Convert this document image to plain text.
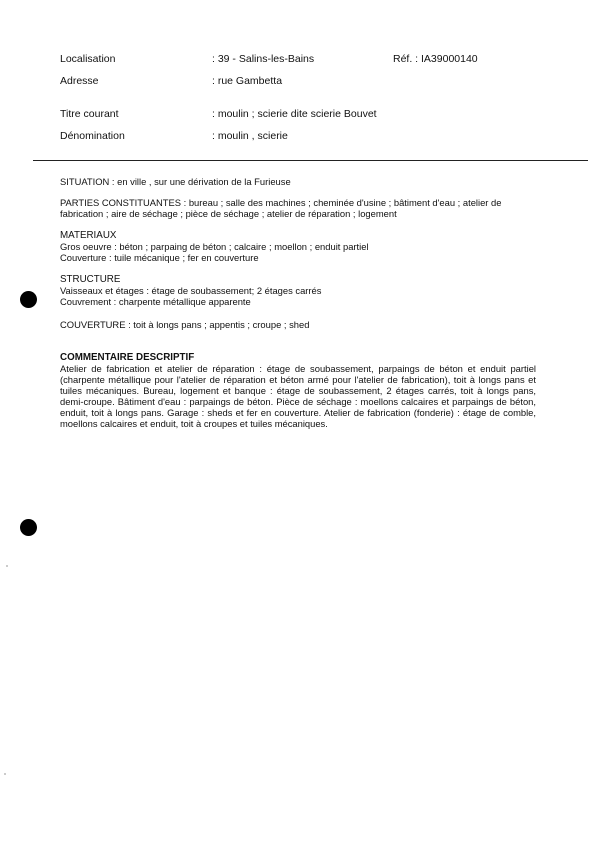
Localisation	: 39 - Salins-les-Bains	Réf. : IA39000140
Adresse	: rue Gambetta
Titre courant	: moulin ; scierie dite scierie Bouvet
Dénomination	: moulin , scierie

SITUATION : en ville , sur une dérivation de la Furieuse

PARTIES CONSTITUANTES : bureau ; salle des machines ; cheminée d'usine ; bâtiment d'eau ; atelier de fabrication ; aire de séchage ; pièce de séchage ; atelier de réparation ; logement

MATERIAUX

Gros oeuvre : béton ; parpaing de béton ; calcaire ; moellon ; enduit partiel

Couverture : tuile mécanique ; fer en couverture

STRUCTURE

Vaisseaux et étages : étage de soubassement; 2 étages carrés

Couvrement : charpente métallique apparente

COUVERTURE : toit à longs pans ; appentis ; croupe ; shed

COMMENTAIRE DESCRIPTIF

Atelier de fabrication et atelier de réparation : étage de soubassement, parpaings de béton et enduit partiel (charpente métallique pour l'atelier de réparation et béton armé pour l'atelier de fabrication), toit à longs pans et tuiles mécaniques. Bureau, logement et banque : étage de soubassement, 2 étages carrés, toit à longs pans, demi-croupe. Bâtiment d'eau : parpaings de béton. Pièce de séchage : moellons calcaires et parpaings de béton, enduit, toit à longs pans. Garage : sheds et fer en couverture. Atelier de fabrication (fonderie) : étage de comble, moellons calcaires et enduit, toit à croupes et tuiles mécaniques.
